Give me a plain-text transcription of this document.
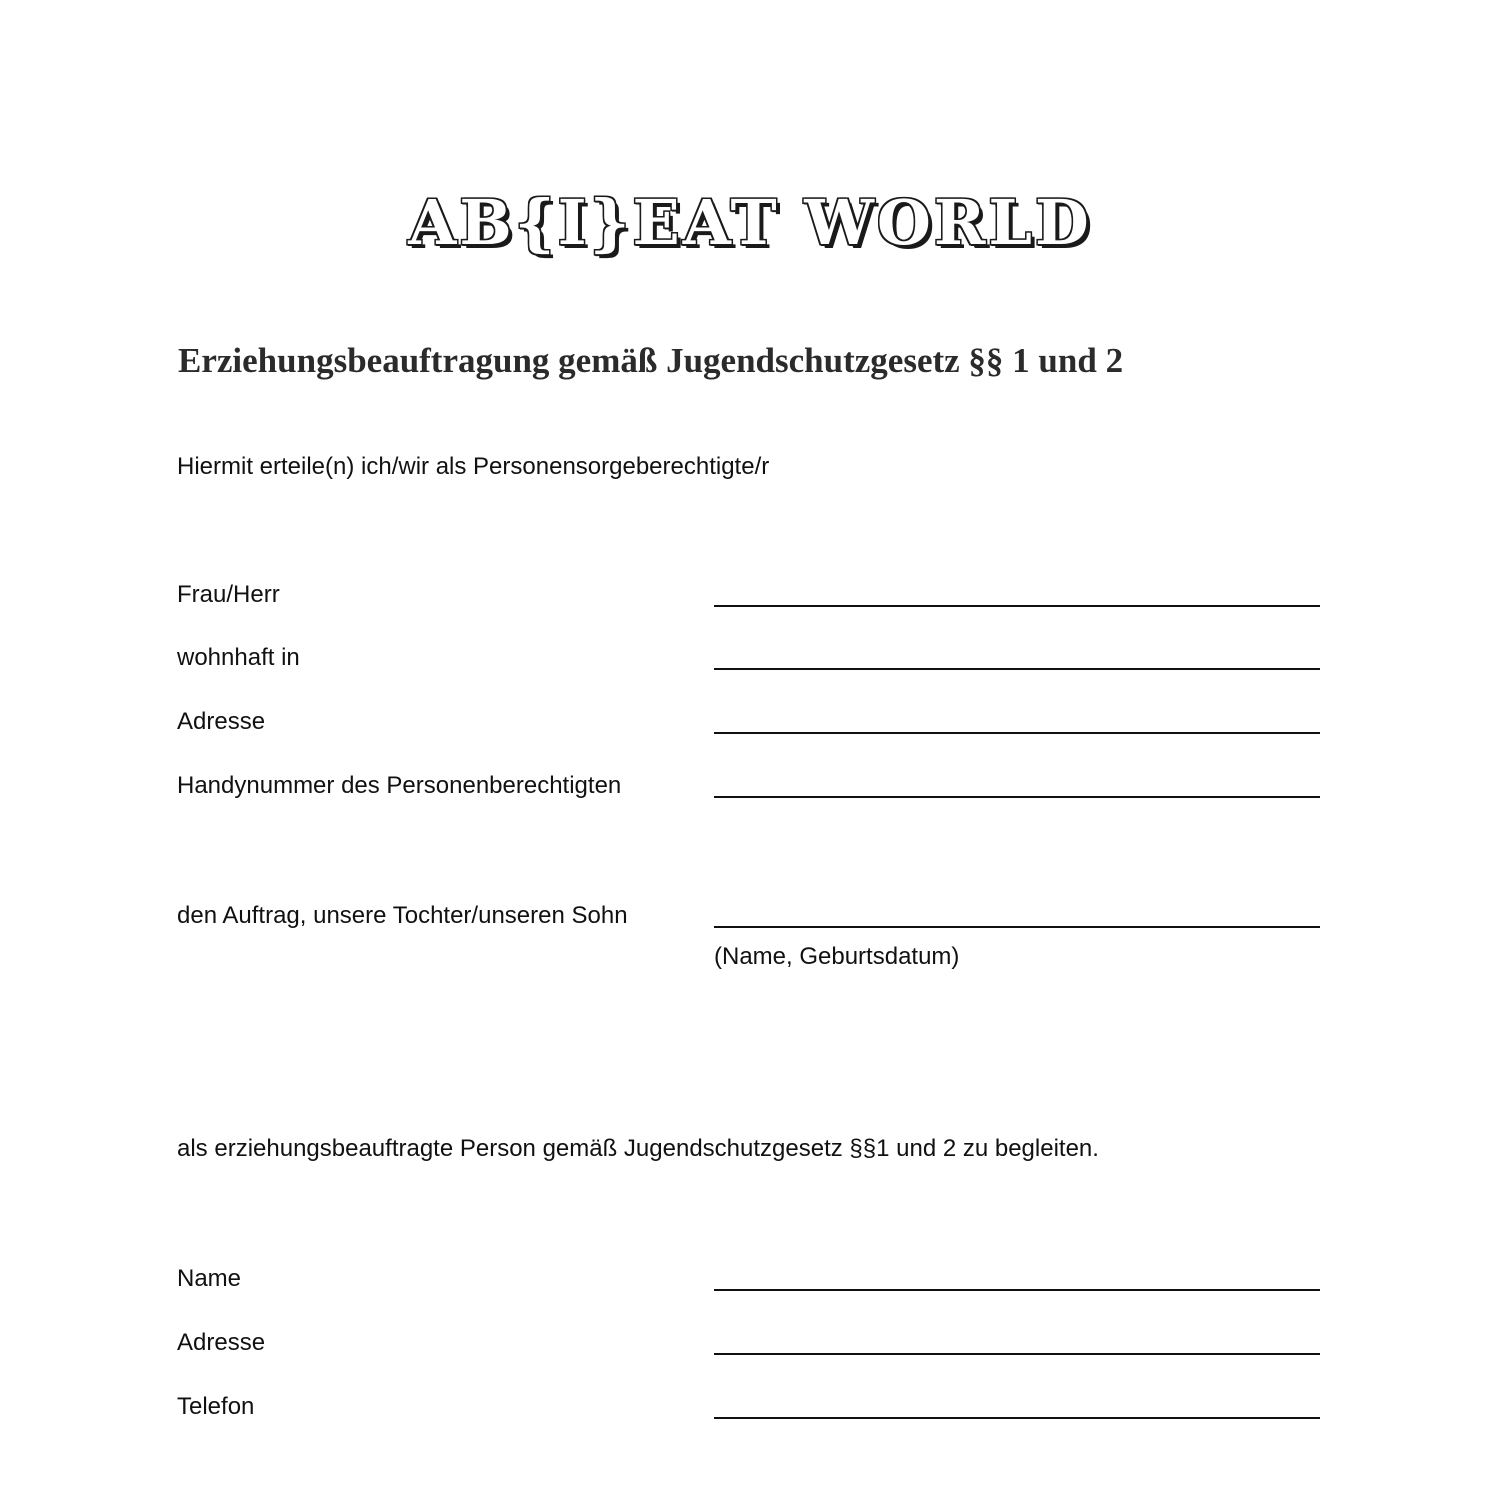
AB{I}EAT WORLD
Erziehungsbeauftragung gemäß Jugendschutzgesetz §§ 1 und 2
Hiermit erteile(n) ich/wir als Personensorgeberechtigte/r
Frau/Herr
wohnhaft in
Adresse
Handynummer des Personenberechtigten
den Auftrag, unsere Tochter/unseren Sohn
(Name, Geburtsdatum)
als erziehungsbeauftragte Person gemäß Jugendschutzgesetz §§1 und 2 zu begleiten.
Name
Adresse
Telefon
